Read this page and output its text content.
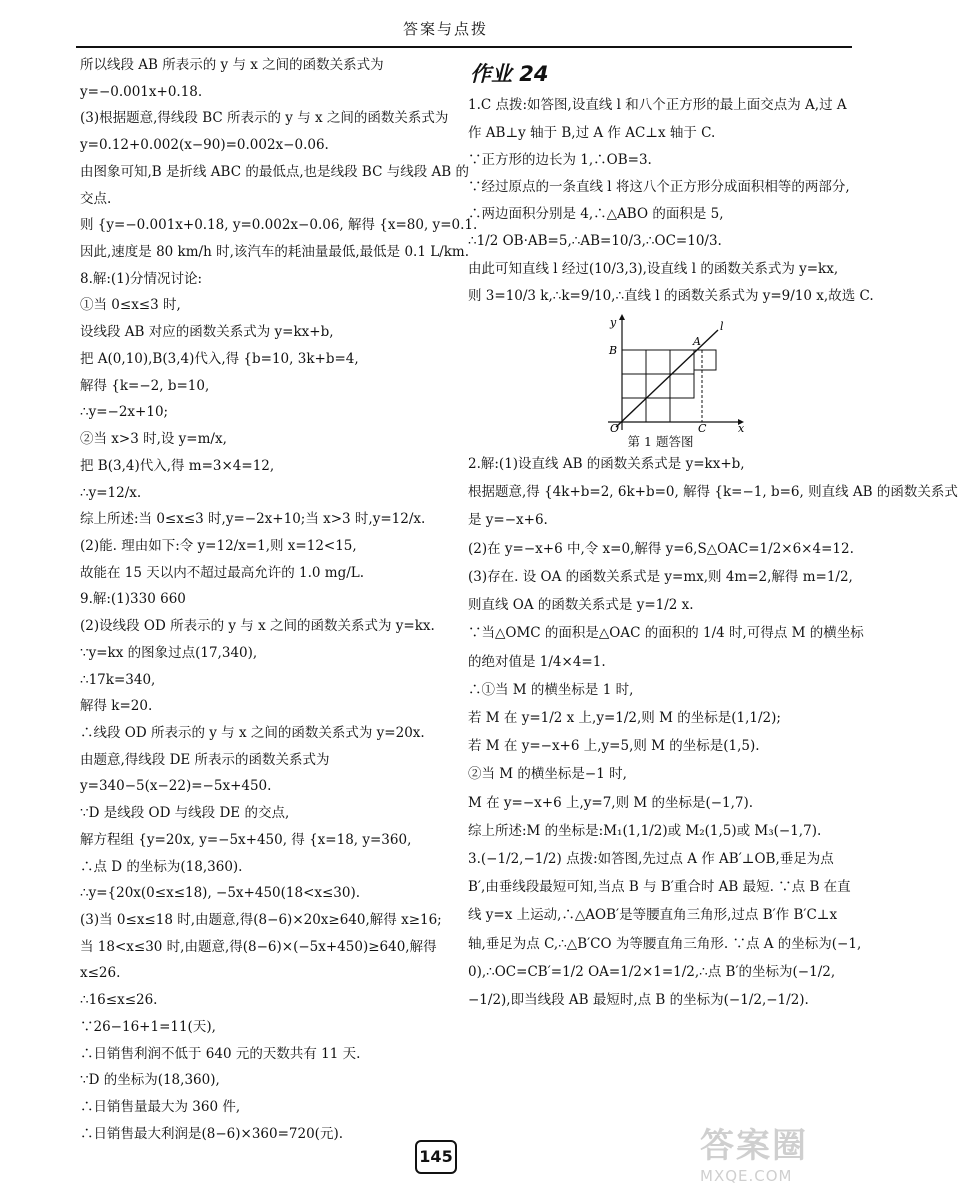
答案与点拨
所以线段 AB 所表示的 y 与 x 之间的函数关系式为
y=−0.001x+0.18.
(3)根据题意,得线段 BC 所表示的 y 与 x 之间的函数关系式为
y=0.12+0.002(x−90)=0.002x−0.06.
由图象可知,B 是折线 ABC 的最低点,也是线段 BC 与线段 AB 的
交点.
则 {y=−0.001x+0.18, y=0.002x−0.06, 解得 {x=80, y=0.1.
因此,速度是 80 km/h 时,该汽车的耗油量最低,最低是 0.1 L/km.
8.解:(1)分情况讨论:
①当 0≤x≤3 时,
设线段 AB 对应的函数关系式为 y=kx+b,
把 A(0,10),B(3,4)代入,得 {b=10, 3k+b=4,
解得 {k=−2, b=10,
∴y=−2x+10;
②当 x>3 时,设 y=m/x,
把 B(3,4)代入,得 m=3×4=12,
∴y=12/x.
综上所述:当 0≤x≤3 时,y=−2x+10;当 x>3 时,y=12/x.
(2)能. 理由如下:令 y=12/x=1,则 x=12<15,
故能在 15 天以内不超过最高允许的 1.0 mg/L.
9.解:(1)330 660
(2)设线段 OD 所表示的 y 与 x 之间的函数关系式为 y=kx.
∵y=kx 的图象过点(17,340),
∴17k=340,
解得 k=20.
∴线段 OD 所表示的 y 与 x 之间的函数关系式为 y=20x.
由题意,得线段 DE 所表示的函数关系式为
y=340−5(x−22)=−5x+450.
∵D 是线段 OD 与线段 DE 的交点,
解方程组 {y=20x, y=−5x+450, 得 {x=18, y=360,
∴点 D 的坐标为(18,360).
∴y={20x(0≤x≤18), −5x+450(18<x≤30).
(3)当 0≤x≤18 时,由题意,得(8−6)×20x≥640,解得 x≥16;
当 18<x≤30 时,由题意,得(8−6)×(−5x+450)≥640,解得
x≤26.
∴16≤x≤26.
∵26−16+1=11(天),
∴日销售利润不低于 640 元的天数共有 11 天.
∵D 的坐标为(18,360),
∴日销售量最大为 360 件,
∴日销售最大利润是(8−6)×360=720(元).
作业 24
1.C 点拨:如答图,设直线 l 和八个正方形的最上面交点为 A,过 A
作 AB⊥y 轴于 B,过 A 作 AC⊥x 轴于 C.
∵正方形的边长为 1,∴OB=3.
∵经过原点的一条直线 l 将这八个正方形分成面积相等的两部分,
∴两边面积分别是 4,∴△ABO 的面积是 5,
∴1/2 OB·AB=5,∴AB=10/3,∴OC=10/3.
由此可知直线 l 经过(10/3,3),设直线 l 的函数关系式为 y=kx,
则 3=10/3 k,∴k=9/10,∴直线 l 的函数关系式为 y=9/10 x,故选 C.
y
x
O
B
A
C
l
第 1 题答图
2.解:(1)设直线 AB 的函数关系式是 y=kx+b,
根据题意,得 {4k+b=2, 6k+b=0, 解得 {k=−1, b=6, 则直线 AB 的函数关系式
是 y=−x+6.
(2)在 y=−x+6 中,令 x=0,解得 y=6,S△OAC=1/2×6×4=12.
(3)存在. 设 OA 的函数关系式是 y=mx,则 4m=2,解得 m=1/2,
则直线 OA 的函数关系式是 y=1/2 x.
∵当△OMC 的面积是△OAC 的面积的 1/4 时,可得点 M 的横坐标
的绝对值是 1/4×4=1.
∴①当 M 的横坐标是 1 时,
若 M 在 y=1/2 x 上,y=1/2,则 M 的坐标是(1,1/2);
若 M 在 y=−x+6 上,y=5,则 M 的坐标是(1,5).
②当 M 的横坐标是−1 时,
M 在 y=−x+6 上,y=7,则 M 的坐标是(−1,7).
综上所述:M 的坐标是:M₁(1,1/2)或 M₂(1,5)或 M₃(−1,7).
3.(−1/2,−1/2) 点拨:如答图,先过点 A 作 AB′⊥OB,垂足为点
B′,由垂线段最短可知,当点 B 与 B′重合时 AB 最短. ∵点 B 在直
线 y=x 上运动,∴△AOB′是等腰直角三角形,过点 B′作 B′C⊥x
轴,垂足为点 C,∴△B′CO 为等腰直角三角形. ∵点 A 的坐标为(−1,
0),∴OC=CB′=1/2 OA=1/2×1=1/2,∴点 B′的坐标为(−1/2,
−1/2),即当线段 AB 最短时,点 B 的坐标为(−1/2,−1/2).
145	答案圈
MXQE.COM
